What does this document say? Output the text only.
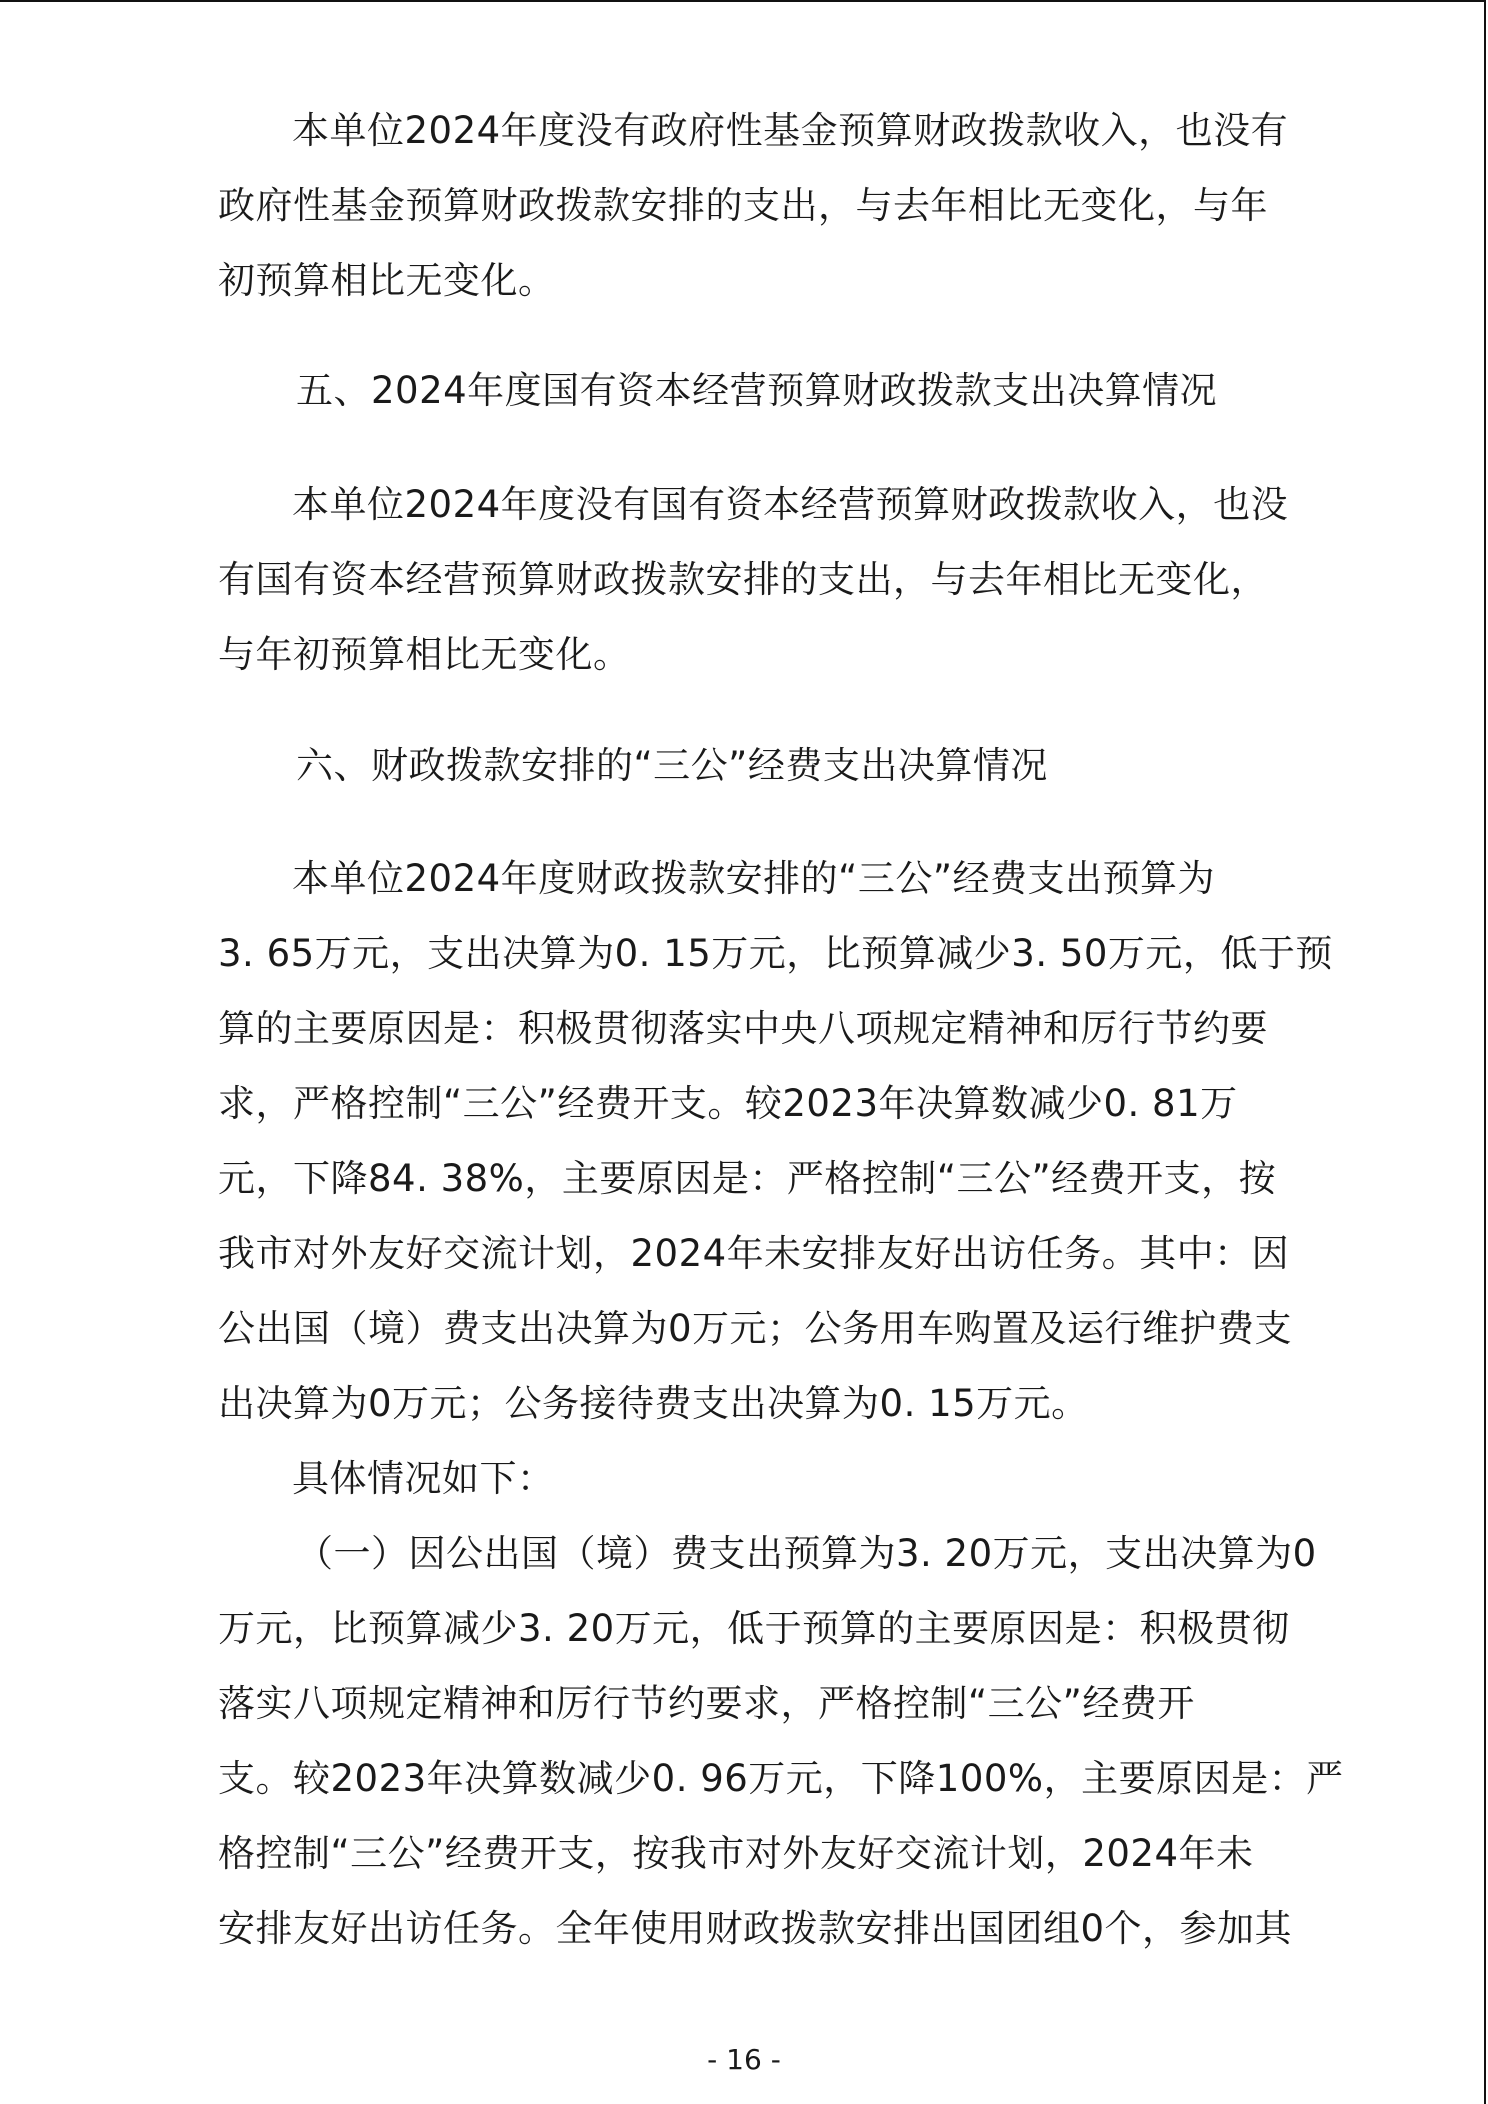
本单位2024年度没有政府性基金预算财政拨款收入，也没有
政府性基金预算财政拨款安排的支出，与去年相比无变化，与年
初预算相比无变化。
五、2024年度国有资本经营预算财政拨款支出决算情况
本单位2024年度没有国有资本经营预算财政拨款收入，也没
有国有资本经营预算财政拨款安排的支出，与去年相比无变化，
与年初预算相比无变化。
六、财政拨款安排的“三公”经费支出决算情况
本单位2024年度财政拨款安排的“三公”经费支出预算为
3. 65万元，支出决算为0. 15万元，比预算减少3. 50万元，低于预
算的主要原因是：积极贯彻落实中央八项规定精神和厉行节约要
求，严格控制“三公”经费开支。较2023年决算数减少0. 81万
元，下降84. 38%，主要原因是：严格控制“三公”经费开支，按
我市对外友好交流计划，2024年未安排友好出访任务。其中：因
公出国（境）费支出决算为0万元；公务用车购置及运行维护费支
出决算为0万元；公务接待费支出决算为0. 15万元。
具体情况如下：
（一）因公出国（境）费支出预算为3. 20万元，支出决算为0
万元，比预算减少3. 20万元，低于预算的主要原因是：积极贯彻
落实八项规定精神和厉行节约要求，严格控制“三公”经费开
支。较2023年决算数减少0. 96万元，下降100%，主要原因是：严
格控制“三公”经费开支，按我市对外友好交流计划，2024年未
安排友好出访任务。全年使用财政拨款安排出国团组0个，参加其
- 16 -
